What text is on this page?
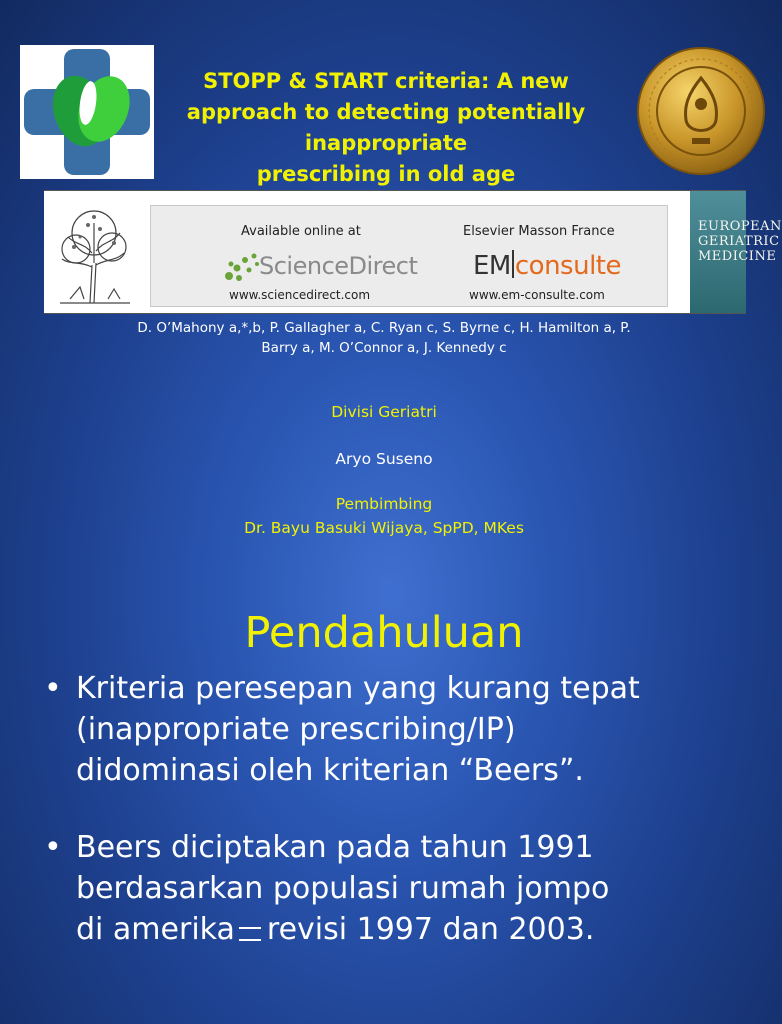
STOPP & START criteria: A new
approach to detecting potentially
inappropriate
prescribing in old age
Available online at	Elsevier Masson France
ScienceDirect
www.sciencedirect.com
EM consulte
www.em-consulte.com
EUROPEAN
GERIATRIC
MEDICINE

D. O’Mahony a,*,b, P. Gallagher a, C. Ryan c, S. Byrne c, H. Hamilton a, P.
Barry a, M. O’Connor a, J. Kennedy c

Divisi Geriatri

Aryo Suseno

Pembimbing

Dr. Bayu Basuki Wijaya, SpPD, MKes

Pendahuluan
• Kriteria peresepan yang kurang tepat
(inappropriate prescribing/IP)
didominasi oleh kriterian “Beers”.
• Beers diciptakan pada tahun 1991
berdasarkan populasi rumah jompo
di amerika revisi 1997 dan 2003.
